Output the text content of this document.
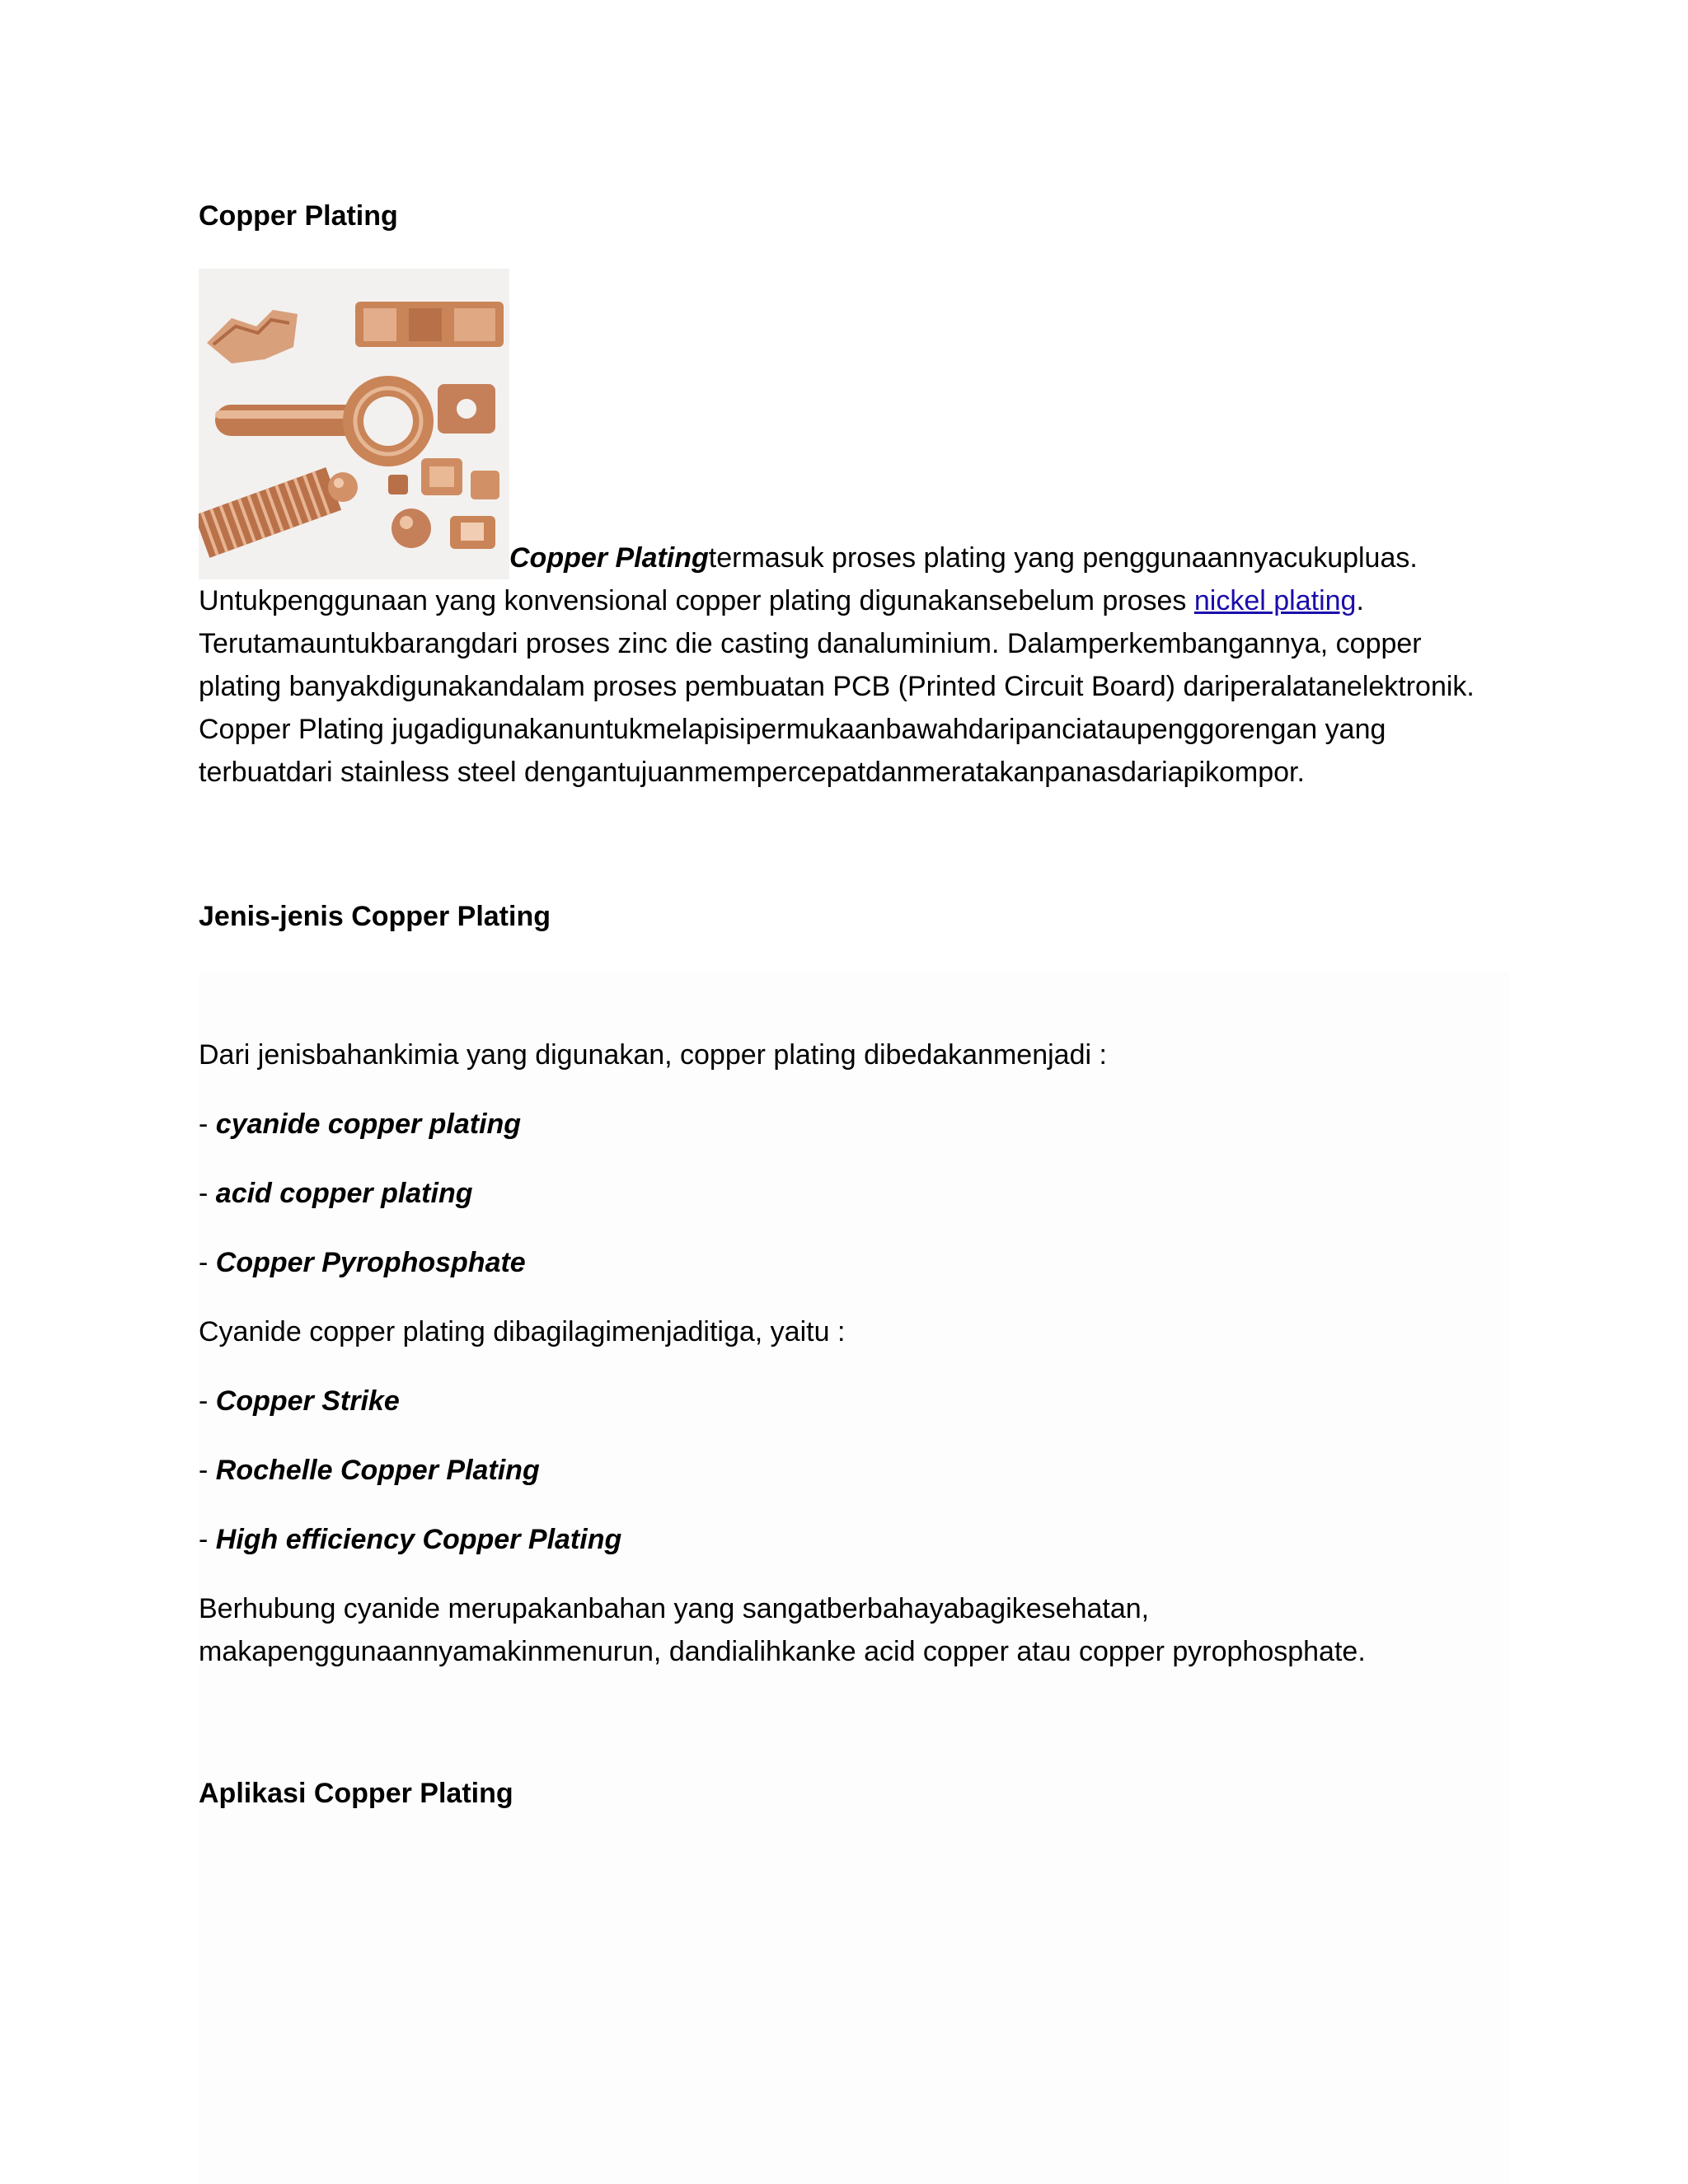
Copper Plating
Copper Platingtermasuk proses plating yang penggunaannyacukupluas.
Untukpenggunaan yang konvensional copper plating digunakansebelum proses nickel plating.
Terutamauntukbarangdari proses zinc die casting danaluminium. Dalamperkembangannya, copper plating banyakdigunakandalam proses pembuatan PCB (Printed Circuit Board) dariperalatanelektronik. Copper Plating jugadigunakanuntukmelapisipermukaanbawahdaripanciataupenggorengan yang terbuatdari stainless steel dengantujuanmempercepatdanmeratakanpanasdariapikompor.
Jenis-jenis Copper Plating
Dari jenisbahankimia yang digunakan, copper plating dibedakanmenjadi :
- cyanide copper plating
- acid copper plating
- Copper Pyrophosphate
Cyanide copper plating dibagilagimenjaditiga, yaitu :
- Copper Strike
- Rochelle Copper Plating
- High efficiency Copper Plating
Berhubung cyanide merupakanbahan yang sangatberbahayabagikesehatan, makapenggunaannyamakinmenurun, dandialihkanke acid copper atau copper pyrophosphate.
Aplikasi Copper Plating
